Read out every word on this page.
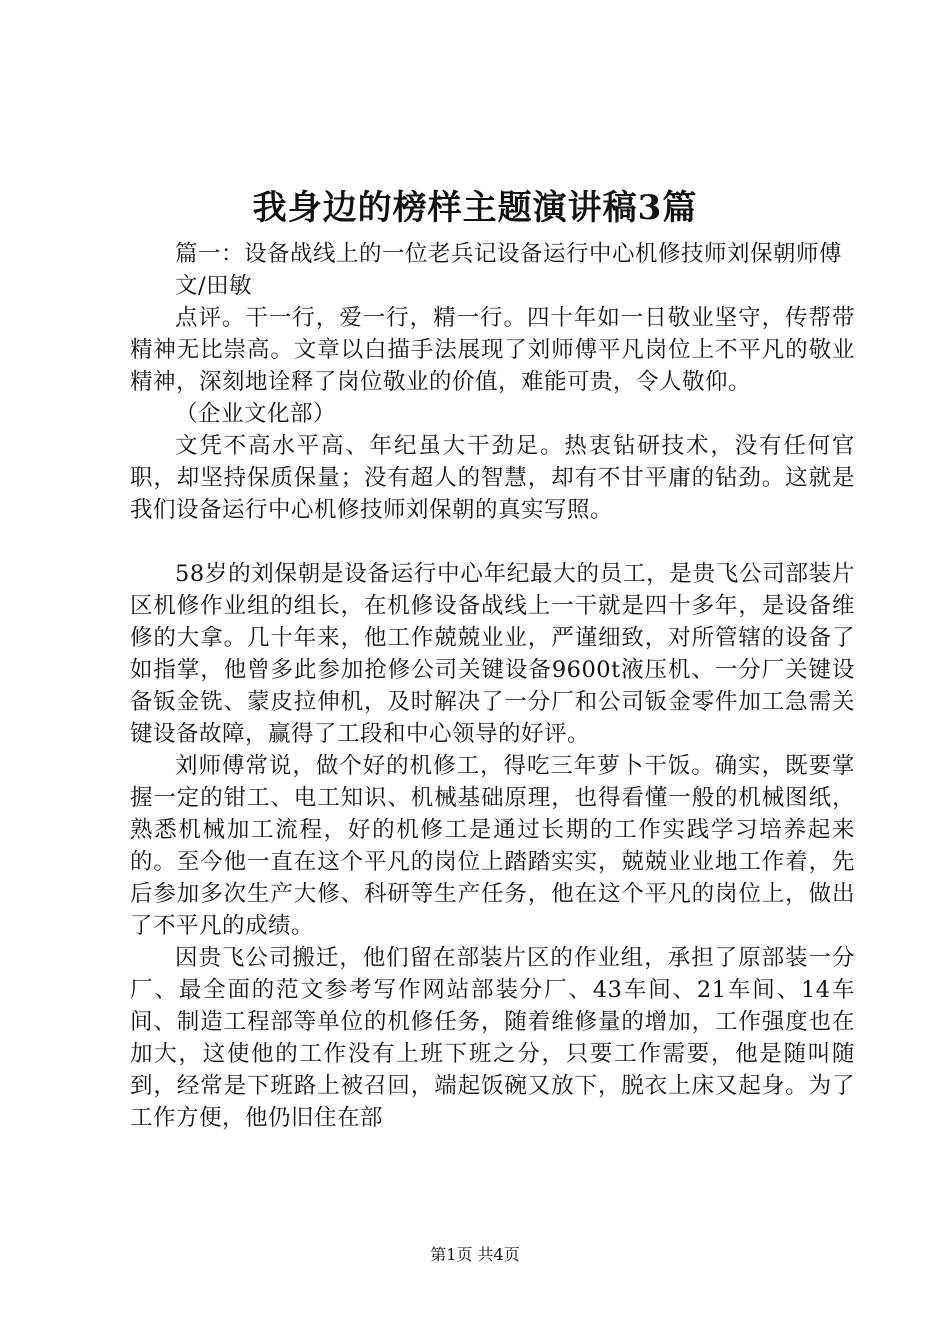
我身边的榜样主题演讲稿3篇

篇一：设备战线上的一位老兵记设备运行中心机修技师刘保朝师傅

文/田敏

点评。干一行，爱一行，精一行。四十年如一日敬业坚守，传帮带精神无比崇高。文章以白描手法展现了刘师傅平凡岗位上不平凡的敬业精神，深刻地诠释了岗位敬业的价值，难能可贵，令人敬仰。

（企业文化部）

文凭不高水平高、年纪虽大干劲足。热衷钻研技术，没有任何官职，却坚持保质保量；没有超人的智慧，却有不甘平庸的钻劲。这就是我们设备运行中心机修技师刘保朝的真实写照。

58岁的刘保朝是设备运行中心年纪最大的员工，是贵飞公司部装片区机修作业组的组长，在机修设备战线上一干就是四十多年，是设备维修的大拿。几十年来，他工作兢兢业业，严谨细致，对所管辖的设备了如指掌，他曾多此参加抢修公司关键设备9600t液压机、一分厂关键设备钣金铣、蒙皮拉伸机，及时解决了一分厂和公司钣金零件加工急需关键设备故障，赢得了工段和中心领导的好评。

刘师傅常说，做个好的机修工，得吃三年萝卜干饭。确实，既要掌握一定的钳工、电工知识、机械基础原理，也得看懂一般的机械图纸，熟悉机械加工流程，好的机修工是通过长期的工作实践学习培养起来的。至今他一直在这个平凡的岗位上踏踏实实，兢兢业业地工作着，先后参加多次生产大修、科研等生产任务，他在这个平凡的岗位上，做出了不平凡的成绩。

因贵飞公司搬迁，他们留在部装片区的作业组，承担了原部装一分厂、最全面的范文参考写作网站部装分厂、43车间、21车间、14车间、制造工程部等单位的机修任务，随着维修量的增加，工作强度也在加大，这使他的工作没有上班下班之分，只要工作需要，他是随叫随到，经常是下班路上被召回，端起饭碗又放下，脱衣上床又起身。为了工作方便，他仍旧住在部

第1页 共4页
